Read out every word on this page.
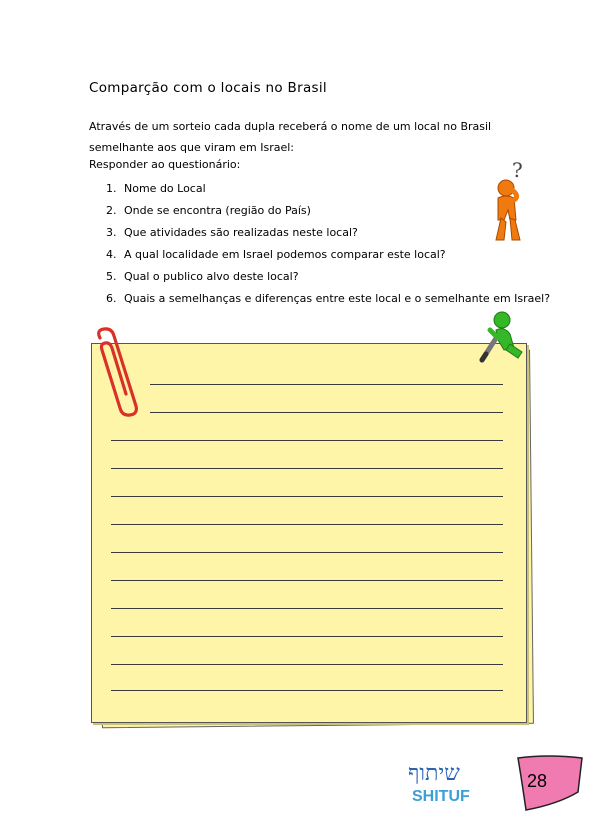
Comparção com o locais no Brasil

Através de um sorteio cada dupla receberá o nome de um local no Brasil semelhante aos que viram em Israel:

Responder ao questionário:

1. Nome do Local
2. Onde se encontra (região do País)
3. Que atividades são realizadas neste local?
4. A qual localidade em Israel podemos comparar este local?
5. Qual o publico alvo deste local?
6. Quais a semelhanças e diferenças entre este local e o semelhante em Israel?
?
שיתוף
SHITUF
28
